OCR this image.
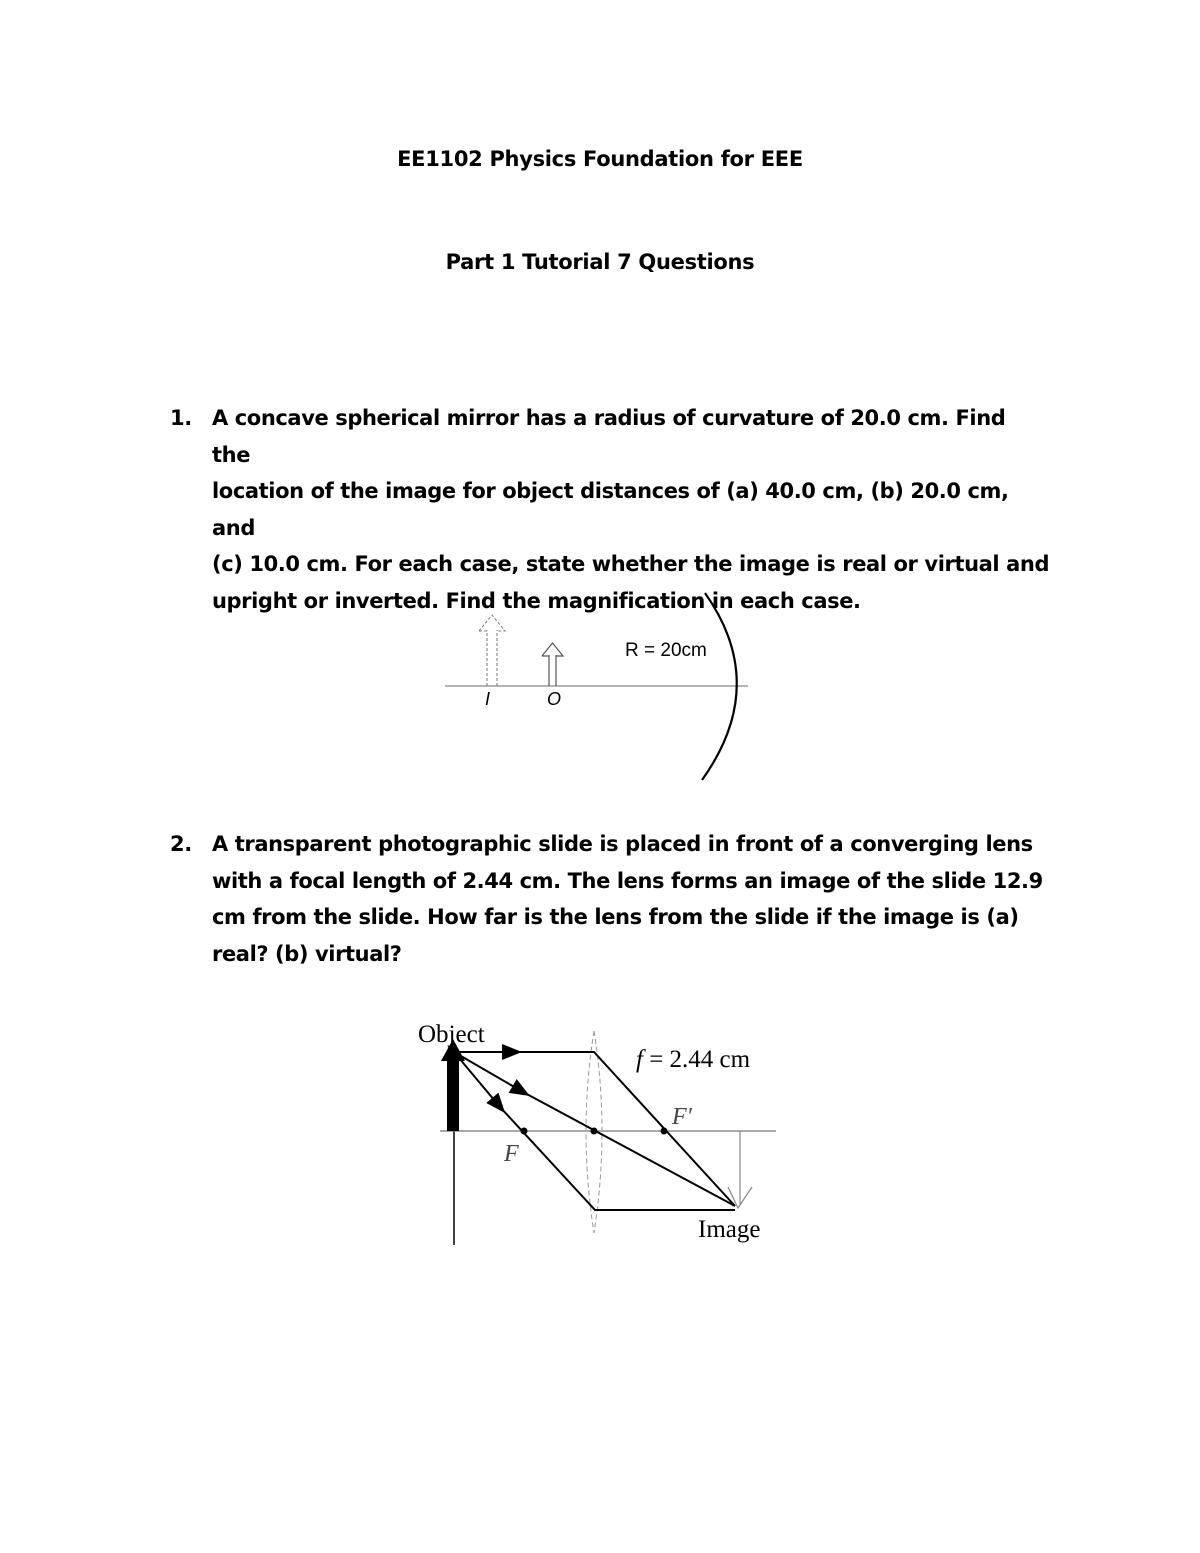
EE1102 Physics Foundation for EEE
Part 1 Tutorial 7 Questions
1. A concave spherical mirror has a radius of curvature of 20.0 cm. Find the
location of the image for object distances of (a) 40.0 cm, (b) 20.0 cm, and
(c) 10.0 cm. For each case, state whether the image is real or virtual and
upright or inverted. Find the magnification in each case.
I	O
R = 20cm
2. A transparent photographic slide is placed in front of a converging lens
with a focal length of 2.44 cm. The lens forms an image of the slide 12.9
cm from the slide. How far is the lens from the slide if the image is (a)
real? (b) virtual?
Object
f = 2.44 cm
F′
F
Image
